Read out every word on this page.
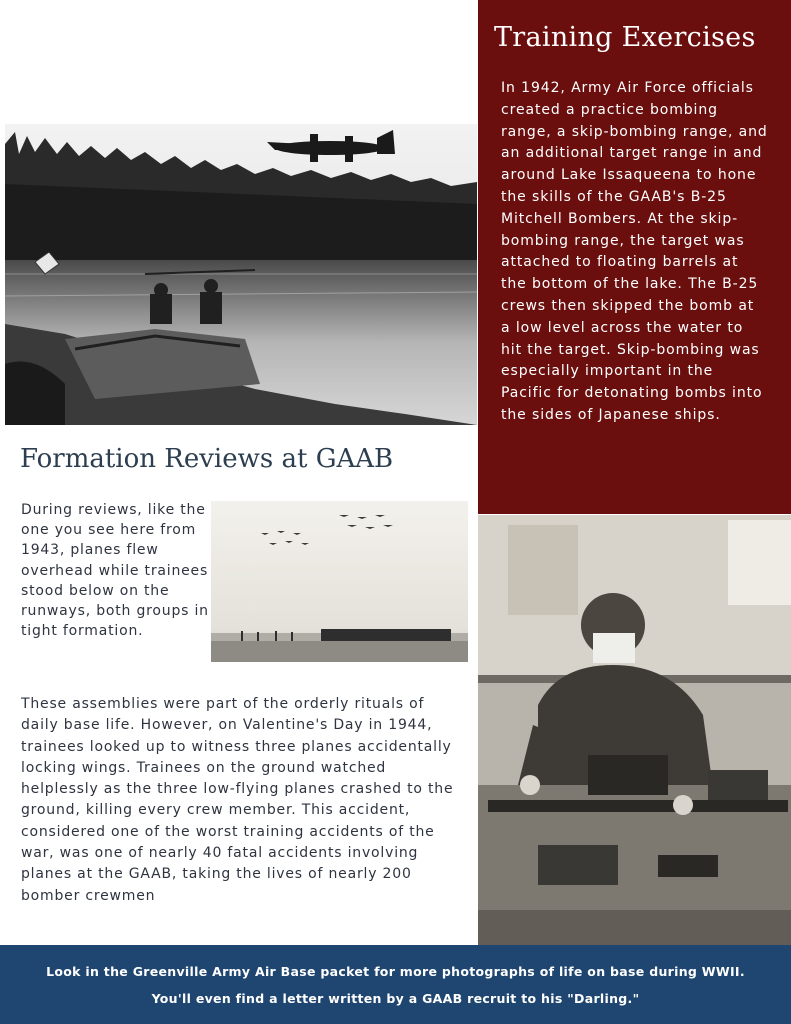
Training Exercises

In 1942, Army Air Force officials created a practice bombing range, a skip-bombing range, and an additional target range in and around Lake Issaqueena to hone the skills of the GAAB's B-25 Mitchell Bombers. At the skip-bombing range, the target was attached to floating barrels at the bottom of the lake. The B-25 crews then skipped the bomb at a low level across the water to hit the target. Skip-bombing was especially important in the Pacific for detonating bombs into the sides of Japanese ships.

Formation Reviews at GAAB

During reviews, like the one you see here from 1943, planes flew overhead while trainees stood below on the runways, both groups in tight formation.

These assemblies were part of the orderly rituals of daily base life. However, on Valentine's Day in 1944, trainees looked up to witness three planes accidentally locking wings. Trainees on the ground watched helplessly as the three low-flying planes crashed to the ground, killing every crew member. This accident, considered one of the worst training accidents of the war, was one of nearly 40 fatal accidents involving planes at the GAAB, taking the lives of nearly 200 bomber crewmen

Look in the Greenville Army Air Base packet for more photographs of life on base during WWII.
You'll even find a letter written by a GAAB recruit to his "Darling."
